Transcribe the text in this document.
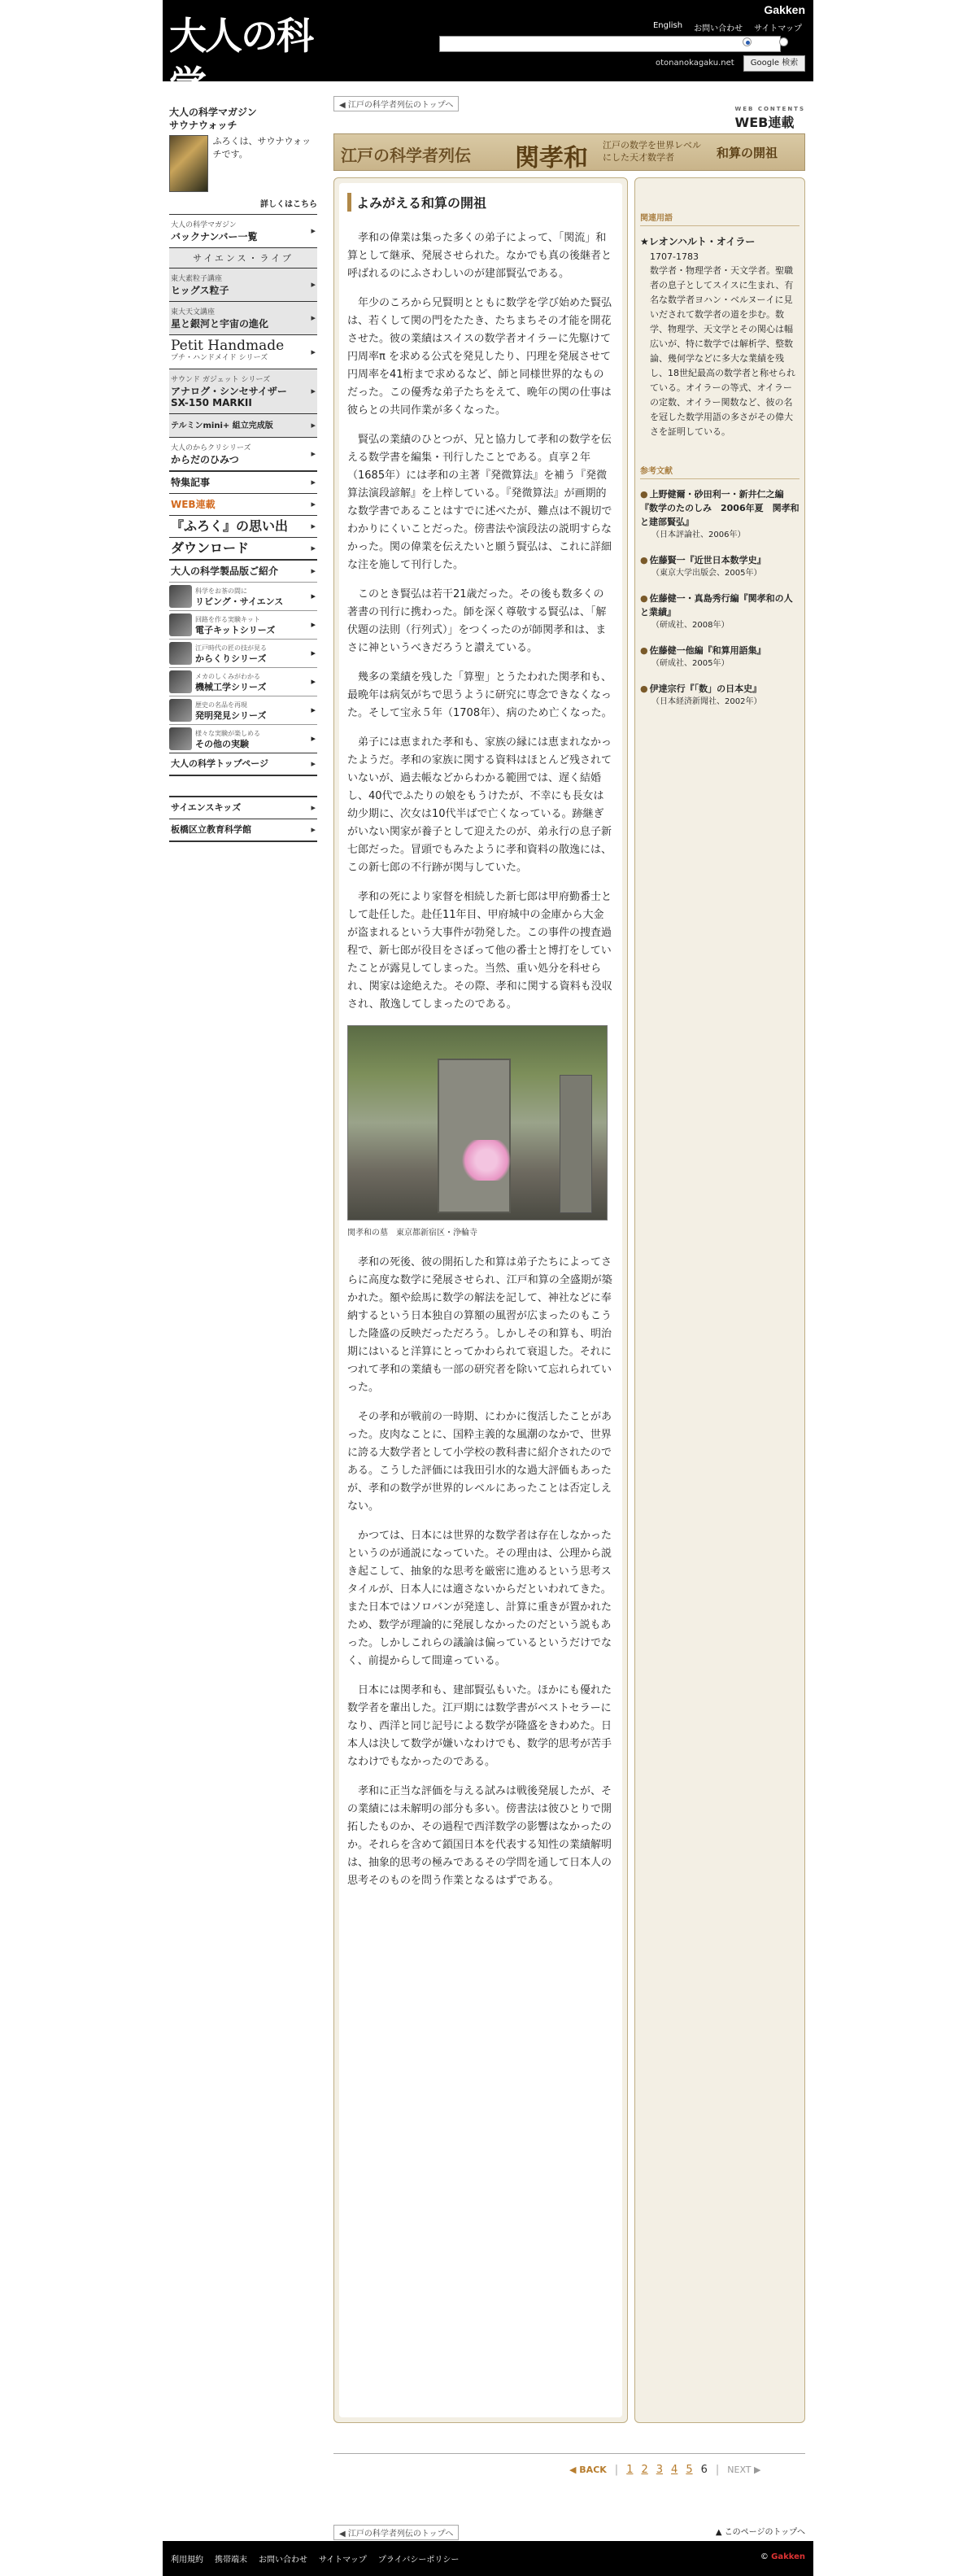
大人の科学.net
Gakken
English お問い合わせ サイトマップ
Web
otonanokagaku.net	Google 検索
大人の科学マガジン
サウナウォッチ
ふろくは、サウナウォッチです。
詳しくはこちら
大人の科学マガジン
バックナンバー一覧
▸
サイエンス・ライブ
東大素粒子講座
ヒッグス粒子
▸
東大天文講座
星と銀河と宇宙の進化
▸
Petit Handmade
プチ・ハンドメイド シリーズ
▸
サウンド ガジェット シリーズ
アナログ・シンセサイザー SX-150 MARKII
▸
テルミンmini+ 組立完成版	▸
大人のからクリシリーズ
からだのひみつ
▸
特集記事	▸
WEB連載	▸
『ふろく』の思い出	▸
ダウンロード	▸
大人の科学製品版ご紹介	▸
科学をお茶の間に
リビング・サイエンス
▸
回路を作る実験キット
電子キットシリーズ
▸
江戸時代の匠の技が見る
からくりシリーズ
▸
メカのしくみがわかる
機械工学シリーズ
▸
歴史の名品を再現
発明発見シリーズ
▸
様々な実験が楽しめる
その他の実験
▸
大人の科学トップページ	▸
サイエンスキッズ	▸
板橋区立教育科学館	▸
◀ 江戸の科学者列伝のトップへ	WEB CONTENTS
WEB連載
江戸の科学者列伝 関孝和 江戸の数学を世界レベル
にした天才数学者	和算の開祖
よみがえる和算の開祖

孝和の偉業は集った多くの弟子によって、「関流」和算として継承、発展させられた。なかでも真の後継者と呼ばれるのにふさわしいのが建部賢弘である。

年少のころから兄賢明とともに数学を学び始めた賢弘は、若くして関の門をたたき、たちまちその才能を開花させた。彼の業績はスイスの数学者オイラーに先駆けて円周率π を求める公式を発見したり、円理を発展させて円周率を41桁まで求めるなど、師と同様世界的なものだった。この優秀な弟子たちをえて、晩年の関の仕事は彼らとの共同作業が多くなった。

賢弘の業績のひとつが、兄と協力して孝和の数学を伝える数学書を編集・刊行したことである。貞享２年（1685年）には孝和の主著『発微算法』を補う『発微算法演段諺解』を上梓している。『発微算法』が画期的な数学書であることはすでに述べたが、難点は不親切でわかりにくいことだった。傍書法や演段法の説明すらなかった。関の偉業を伝えたいと願う賢弘は、これに詳細な注を施して刊行した。

このとき賢弘は若干21歳だった。その後も数多くの著書の刊行に携わった。師を深く尊敬する賢弘は、「解伏題の法則（行列式）」をつくったのが師関孝和は、まさに神というべきだろうと讃えている。

幾多の業績を残した「算聖」とうたわれた関孝和も、最晩年は病気がちで思うように研究に専念できなくなった。そして宝永５年（1708年）、病のため亡くなった。

弟子には恵まれた孝和も、家族の縁には恵まれなかったようだ。孝和の家族に関する資料はほとんど残されていないが、過去帳などからわかる範囲では、遅く結婚し、40代でふたりの娘をもうけたが、不幸にも長女は幼少期に、次女は10代半ばで亡くなっている。跡継ぎがいない関家が養子として迎えたのが、弟永行の息子新七郎だった。冒頭でもみたように孝和資料の散逸には、この新七郎の不行跡が関与していた。

孝和の死により家督を相続した新七郎は甲府勤番士として赴任した。赴任11年目、甲府城中の金庫から大金が盗まれるという大事件が勃発した。この事件の捜査過程で、新七郎が役目をさぼって他の番士と博打をしていたことが露見してしまった。当然、重い処分を科せられ、関家は途絶えた。その際、孝和に関する資料も没収され、散逸してしまったのである。

関孝和の墓　東京都新宿区・浄輪寺

孝和の死後、彼の開拓した和算は弟子たちによってさらに高度な数学に発展させられ、江戸和算の全盛期が築かれた。額や絵馬に数学の解法を記して、神社などに奉納するという日本独自の算額の風習が広まったのもこうした隆盛の反映だっただろう。しかしその和算も、明治期にはいると洋算にとってかわられて衰退した。それにつれて孝和の業績も一部の研究者を除いて忘れられていった。

その孝和が戦前の一時期、にわかに復活したことがあった。皮肉なことに、国粋主義的な風潮のなかで、世界に誇る大数学者として小学校の教科書に紹介されたのである。こうした評価には我田引水的な過大評価もあったが、孝和の数学が世界的レベルにあったことは否定しえない。

かつては、日本には世界的な数学者は存在しなかったというのが通説になっていた。その理由は、公理から説き起こして、抽象的な思考を厳密に進めるという思考スタイルが、日本人には適さないからだといわれてきた。また日本ではソロバンが発達し、計算に重きが置かれたため、数学が理論的に発展しなかったのだという説もあった。しかしこれらの議論は偏っているというだけでなく、前提からして間違っている。

日本には関孝和も、建部賢弘もいた。ほかにも優れた数学者を輩出した。江戸期には数学書がベストセラーになり、西洋と同じ記号による数学が隆盛をきわめた。日本人は決して数学が嫌いなわけでも、数学的思考が苦手なわけでもなかったのである。

孝和に正当な評価を与える試みは戦後発展したが、その業績には未解明の部分も多い。傍書法は彼ひとりで開拓したものか、その過程で西洋数学の影響はなかったのか。それらを含めて鎖国日本を代表する知性の業績解明は、抽象的思考の極みであるその学問を通して日本人の思考そのものを問う作業となるはずである。

関連用語
★レオンハルト・オイラー
1707-1783
数学者・物理学者・天文学者。聖職者の息子としてスイスに生まれ、有名な数学者ヨハン・ベルヌーイに見いだされて数学者の道を歩む。数学、物理学、天文学とその関心は幅広いが、特に数学では解析学、整数論、幾何学などに多大な業績を残し、18世紀最高の数学者と称せられている。オイラーの等式、オイラーの定数、オイラー関数など、彼の名を冠した数学用語の多さがその偉大さを証明している。
参考文献
● 上野健爾・砂田利一・新井仁之編『数学のたのしみ　2006年夏　関孝和と建部賢弘』
（日本評論社、2006年）
● 佐藤賢一『近世日本数学史』
（東京大学出版会、2005年）
● 佐藤健一・真島秀行編『関孝和の人と業績』
（研成社、2008年）
● 佐藤健一他編『和算用語集』
（研成社、2005年）
● 伊達宗行『「数」の日本史』
（日本経済新聞社、2002年）
◀ BACK | 1 2 3 4 5 6 | NEXT ▶
◀ 江戸の科学者列伝のトップへ	▲ このページのトップへ
利用規約 携帯端末 お問い合わせ サイトマップ プライバシーポリシー	© Gakken
